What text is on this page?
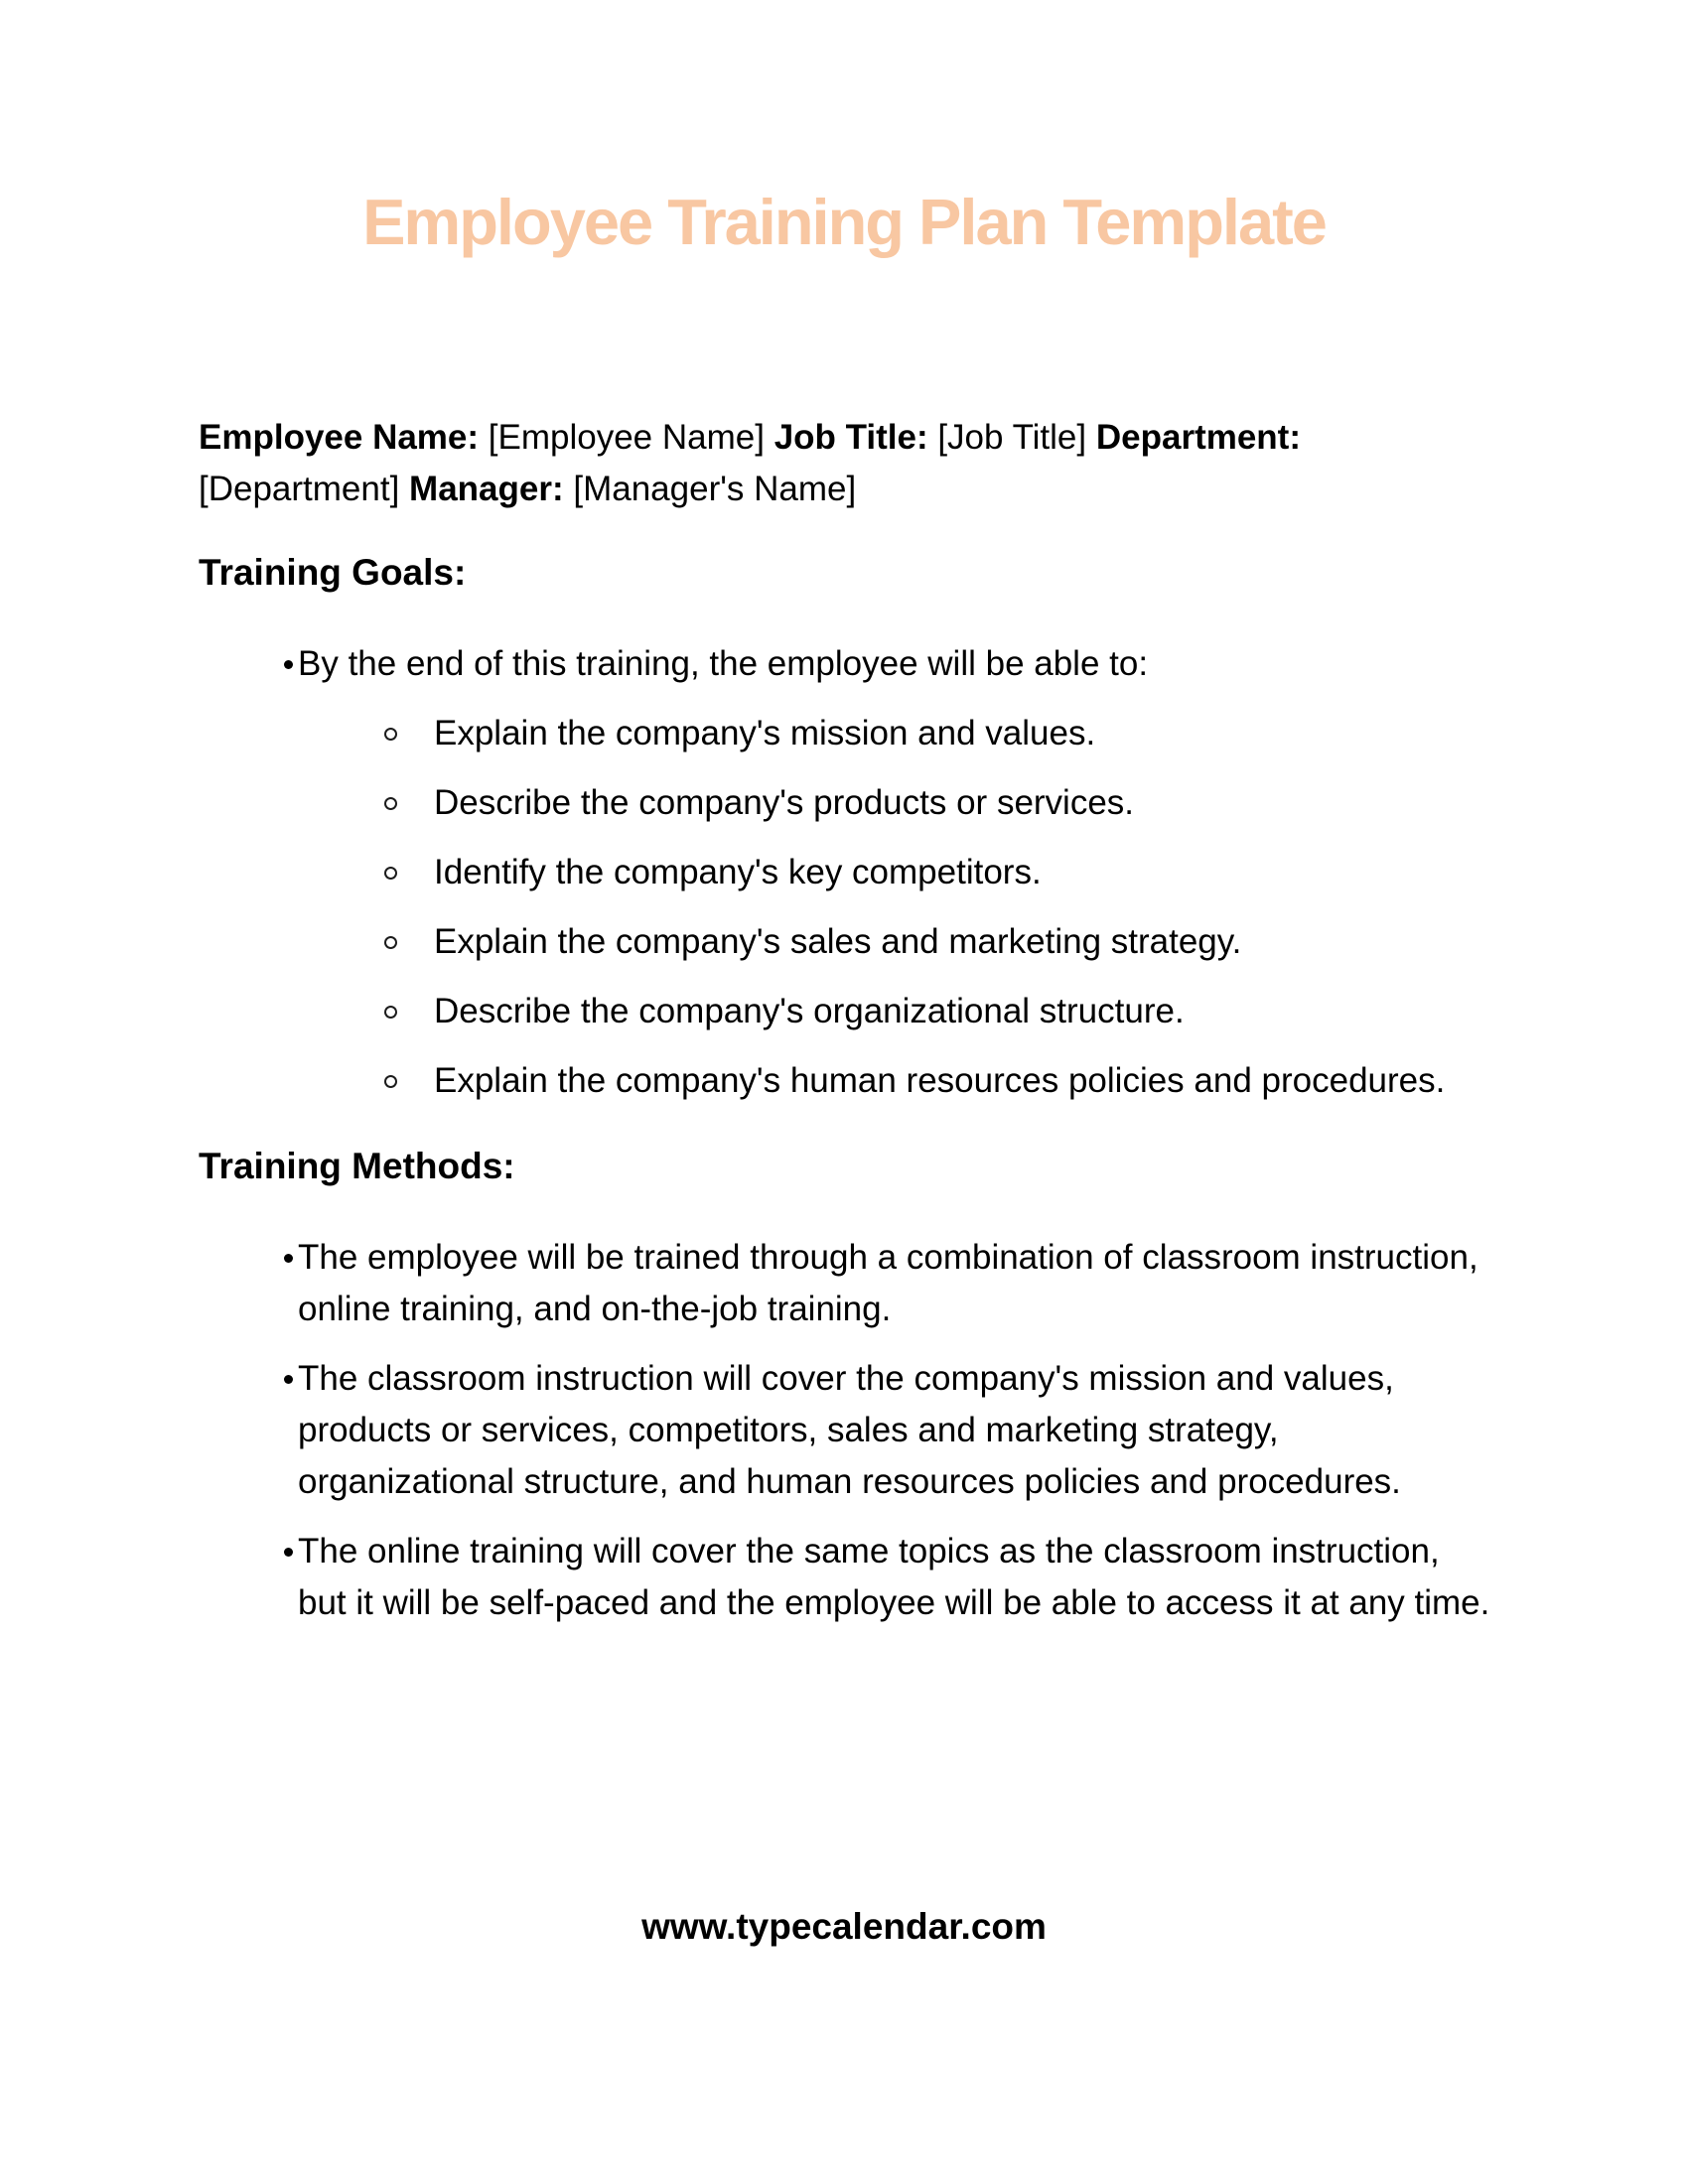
Employee Training Plan Template

Employee Name: [Employee Name] Job Title: [Job Title] Department: [Department] Manager: [Manager's Name]

Training Goals:
By the end of this training, the employee will be able to:
Explain the company's mission and values.
Describe the company's products or services.
Identify the company's key competitors.
Explain the company's sales and marketing strategy.
Describe the company's organizational structure.
Explain the company's human resources policies and procedures.
Training Methods:
The employee will be trained through a combination of classroom instruction, online training, and on-the-job training.
The classroom instruction will cover the company's mission and values, products or services, competitors, sales and marketing strategy, organizational structure, and human resources policies and procedures.
The online training will cover the same topics as the classroom instruction, but it will be self-paced and the employee will be able to access it at any time.
www.typecalendar.com
